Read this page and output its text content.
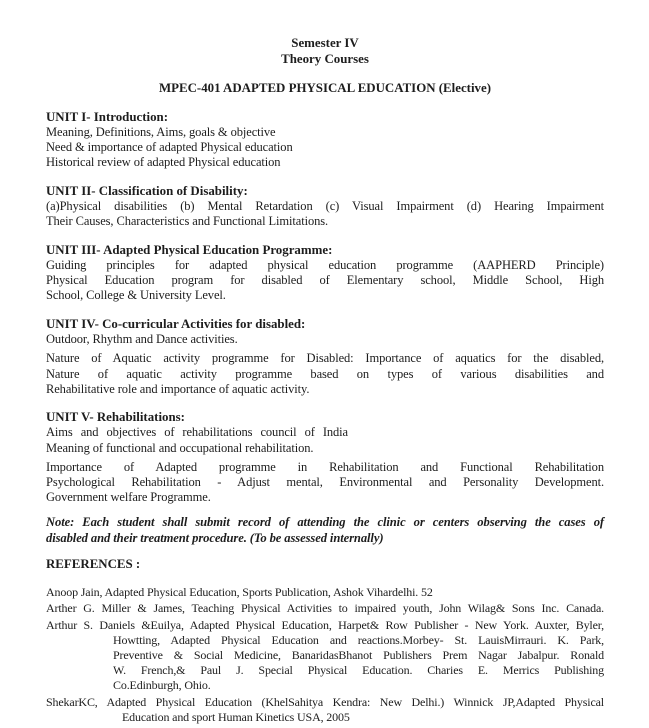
Semester IV
Theory Courses
MPEC-401 ADAPTED PHYSICAL EDUCATION (Elective)
UNIT I- Introduction:
Meaning, Definitions, Aims, goals & objective
Need & importance of adapted Physical education
Historical review of adapted Physical education
UNIT II- Classification of Disability:
(a)Physical disabilities (b) Mental Retardation (c) Visual Impairment (d) Hearing Impairment
Their Causes, Characteristics and Functional Limitations.
UNIT III- Adapted Physical Education Programme:
Guiding principles for adapted physical education programme (AAPHERD Principle)
Physical Education program for disabled of Elementary school, Middle School, High
School, College & University Level.
UNIT IV- Co-curricular Activities for disabled:
Outdoor, Rhythm and Dance activities.
Nature of Aquatic activity programme for Disabled: Importance of aquatics for the disabled,
Nature of aquatic activity programme based on types of various disabilities and
Rehabilitative role and importance of aquatic activity.
UNIT V- Rehabilitations:
Aims and objectives of rehabilitations council of India
Meaning of functional and occupational rehabilitation.
Importance of Adapted programme in Rehabilitation and Functional Rehabilitation
Psychological Rehabilitation - Adjust mental, Environmental and Personality Development.
Government welfare Programme.
Note: Each student shall submit record of attending the clinic or centers observing the cases of
disabled and their treatment procedure. (To be assessed internally)
REFERENCES :
Anoop Jain, Adapted Physical Education, Sports Publication, Ashok Vihardelhi. 52
Arther G. Miller & James, Teaching Physical Activities to impaired youth, John Wilag& Sons Inc. Canada.
Arthur S. Daniels &Euilya, Adapted Physical Education, Harpet& Row Publisher - New York. Auxter, Byler,
Howtting, Adapted Physical Education and reactions.Morbey- St. LauisMirrauri. K. Park,
Preventive & Social Medicine, BanaridasBhanot Publishers Prem Nagar Jabalpur. Ronald
W. French,& Paul J. Special Physical Education. Charies E. Merrics Publishing
Co.Edinburgh, Ohio.
ShekarKC, Adapted Physical Education (KhelSahitya Kendra: New Delhi.) Winnick JP,Adapted Physical
Education and sport Human Kinetics USA, 2005
